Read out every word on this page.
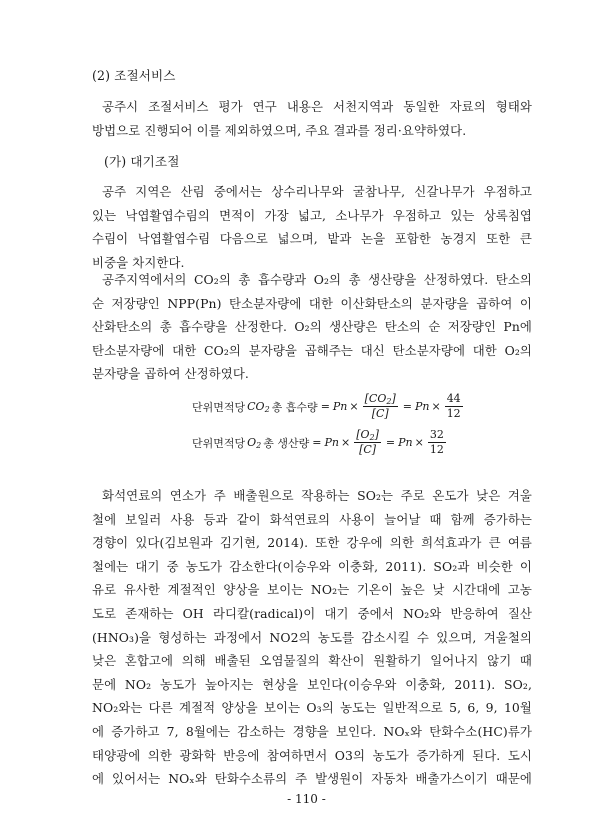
(2) 조절서비스
공주시 조절서비스 평가 연구 내용은 서천지역과 동일한 자료의 형태와
방법으로 진행되어 이를 제외하였으며, 주요 결과를 정리·요약하였다.
(가) 대기조절
공주 지역은 산림 중에서는 상수리나무와 굴참나무, 신갈나무가 우점하고
있는 낙엽활엽수림의 면적이 가장 넓고, 소나무가 우점하고 있는 상록침엽
수림이 낙엽활엽수림 다음으로 넓으며, 밭과 논을 포함한 농경지 또한 큰
비중을 차지한다.
공주지역에서의 CO₂의 총 흡수량과 O₂의 총 생산량을 산정하였다. 탄소의
순 저장량인 NPP(Pn) 탄소분자량에 대한 이산화탄소의 분자량을 곱하여 이
산화탄소의 총 흡수량을 산정한다. O₂의 생산량은 탄소의 순 저장량인 Pn에
탄소분자량에 대한 CO₂의 분자량을 곱해주는 대신 탄소분자량에 대한 O₂의
분자량을 곱하여 산정하였다.
단위면적당 $CO_2$ 총 흡수량 = $Pn \times \frac{[CO_2]}{[C]} = Pn \times \frac{44}{12}$
단위면적당 $O_2$ 총 생산량 = $Pn \times \frac{[O_2]}{[C]} = Pn \times \frac{32}{12}$
화석연료의 연소가 주 배출원으로 작용하는 SO₂는 주로 온도가 낮은 겨울
철에 보일러 사용 등과 같이 화석연료의 사용이 늘어날 때 함께 증가하는
경향이 있다(김보원과 김기현, 2014). 또한 강우에 의한 희석효과가 큰 여름
철에는 대기 중 농도가 감소한다(이승우와 이충화, 2011). SO₂과 비슷한 이
유로 유사한 계절적인 양상을 보이는 NO₂는 기온이 높은 낮 시간대에 고농
도로 존재하는 OH 라디칼(radical)이 대기 중에서 NO₂와 반응하여 질산
(HNO₃)을 형성하는 과정에서 NO2의 농도를 감소시킬 수 있으며, 겨울철의
낮은 혼합고에 의해 배출된 오염물질의 확산이 원활하기 일어나지 않기 때
문에 NO₂ 농도가 높아지는 현상을 보인다(이승우와 이충화, 2011). SO₂,
NO₂와는 다른 계절적 양상을 보이는 O₃의 농도는 일반적으로 5, 6, 9, 10월
에 증가하고 7, 8월에는 감소하는 경향을 보인다. NOₓ와 탄화수소(HC)류가
태양광에 의한 광화학 반응에 참여하면서 O3의 농도가 증가하게 된다. 도시
에 있어서는 NOₓ와 탄화수소류의 주 발생원이 자동차 배출가스이기 때문에
- 110 -
